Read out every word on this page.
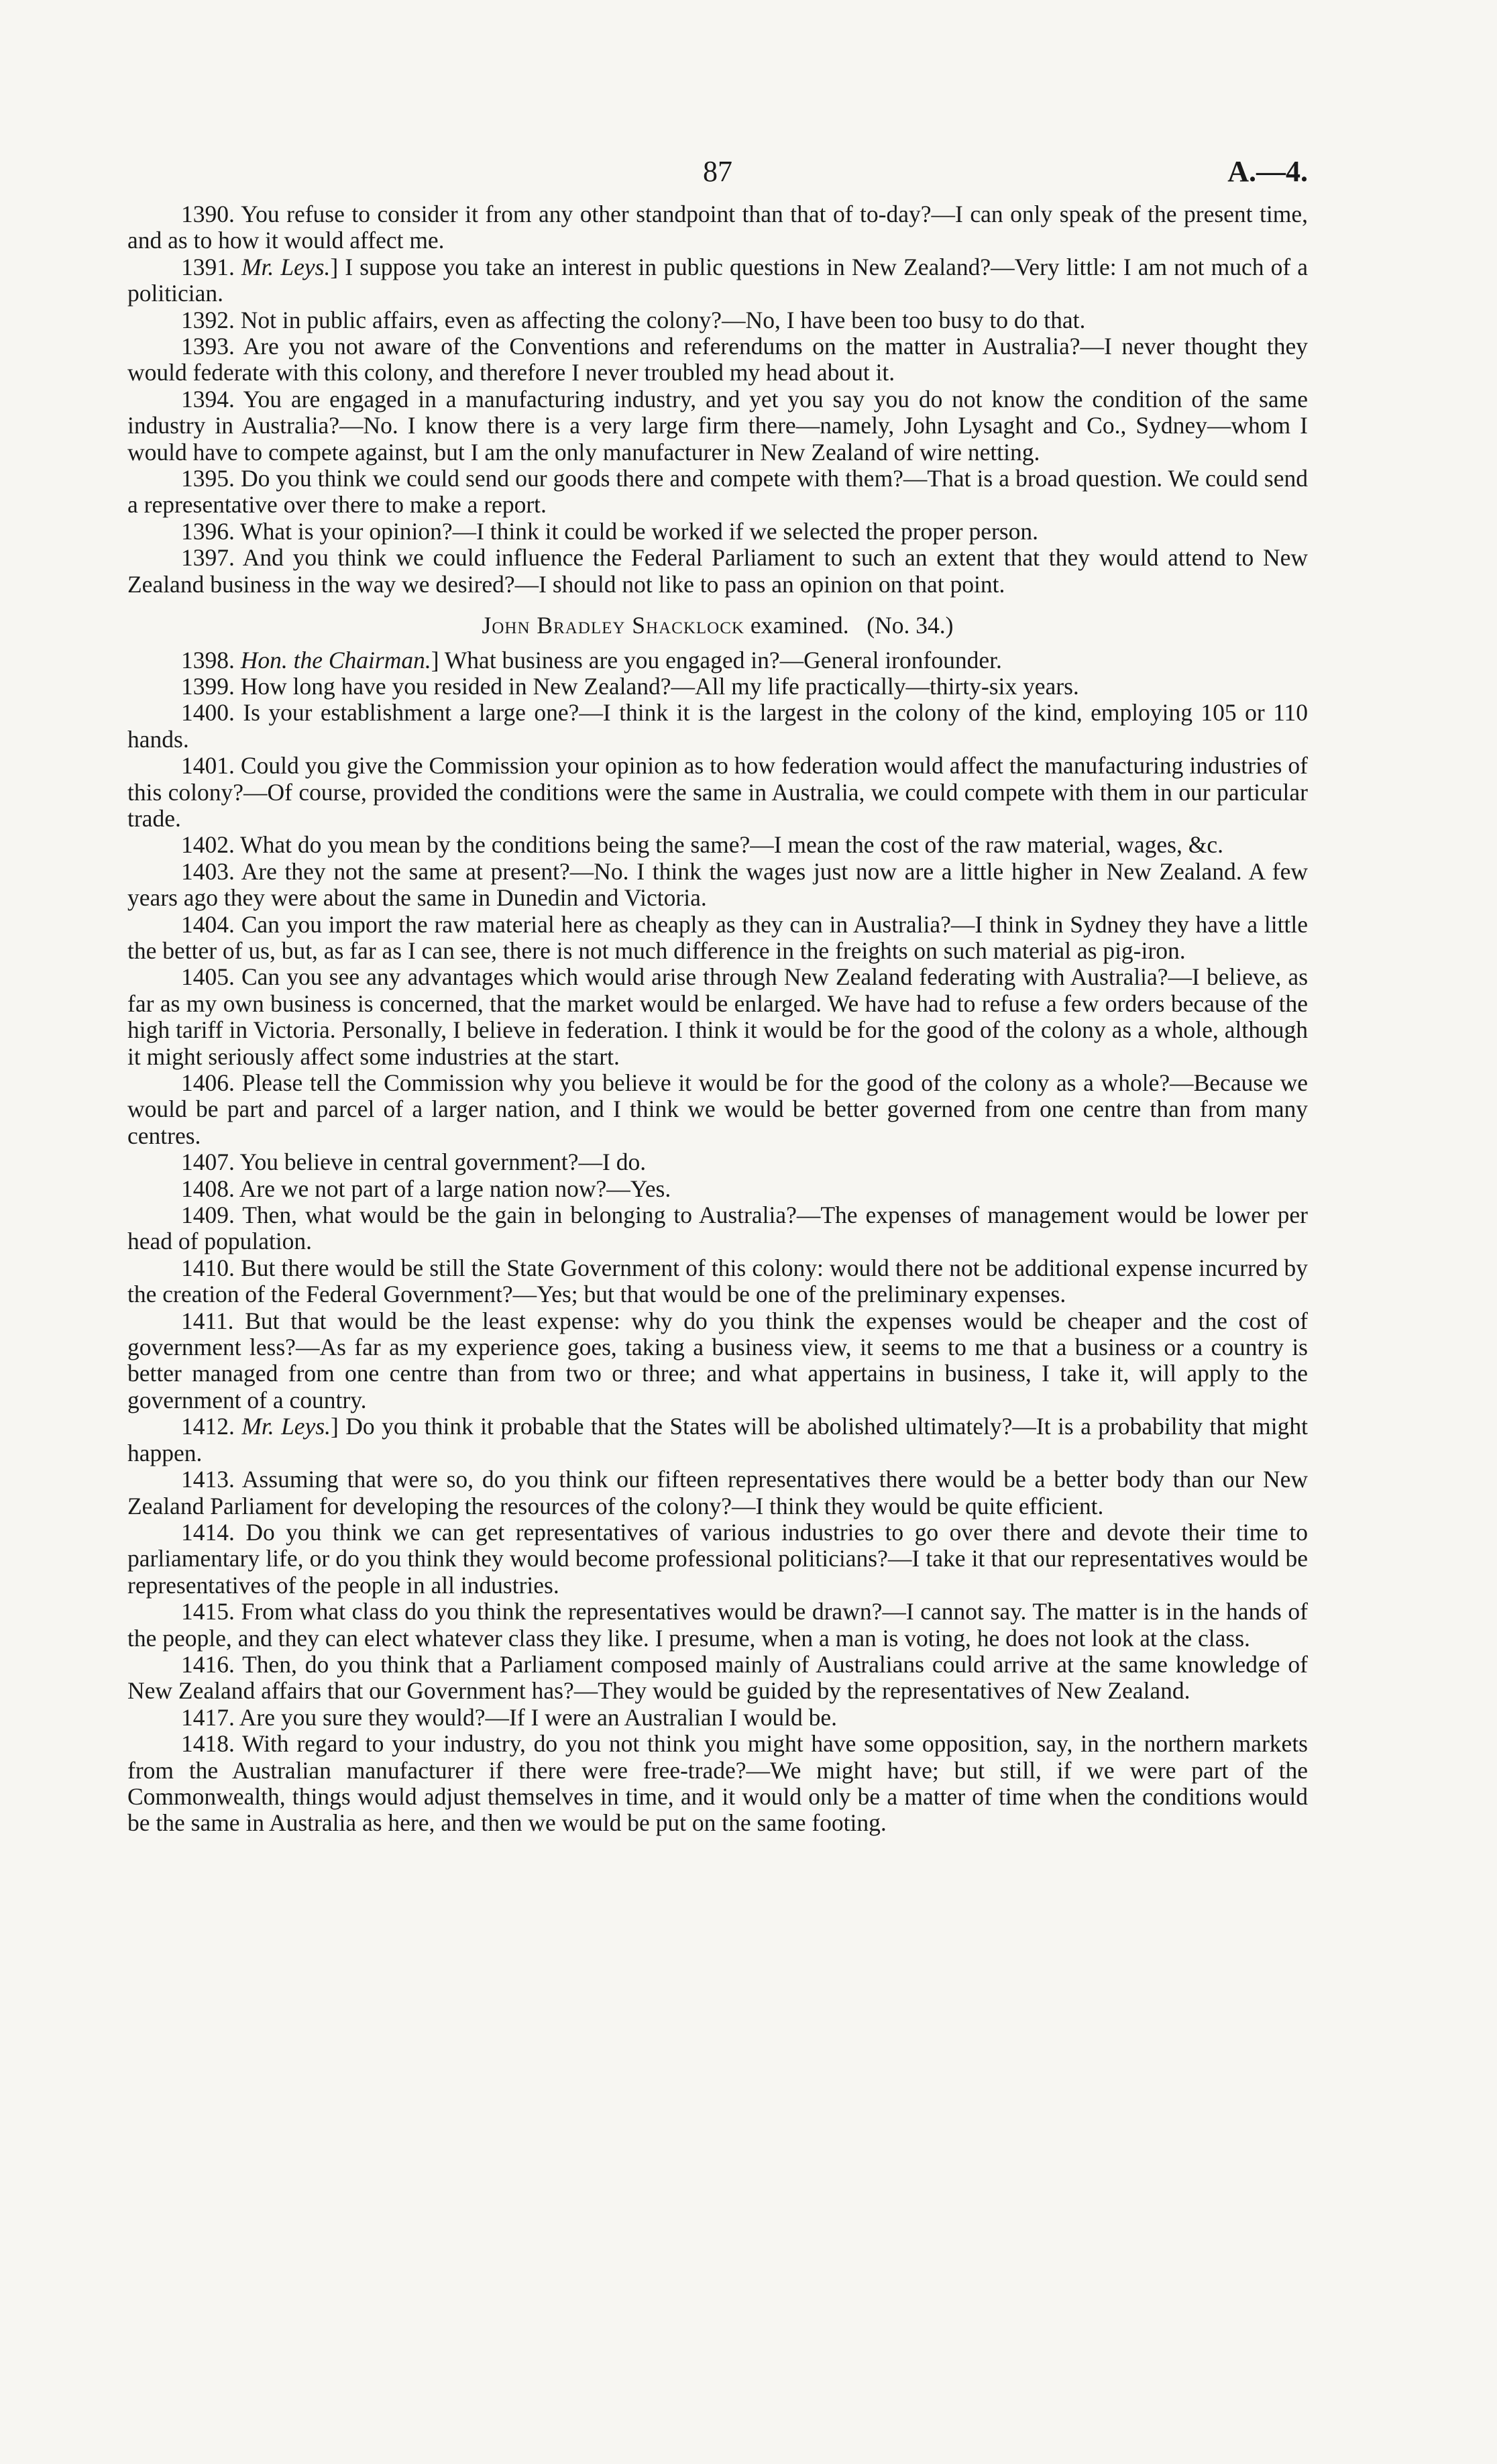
87	A.—4.

1390. You refuse to consider it from any other standpoint than that of to-day?—I can only speak of the present time, and as to how it would affect me.

1391. Mr. Leys.] I suppose you take an interest in public questions in New Zealand?—Very little: I am not much of a politician.

1392. Not in public affairs, even as affecting the colony?—No, I have been too busy to do that.

1393. Are you not aware of the Conventions and referendums on the matter in Australia?—I never thought they would federate with this colony, and therefore I never troubled my head about it.

1394. You are engaged in a manufacturing industry, and yet you say you do not know the condition of the same industry in Australia?—No. I know there is a very large firm there—namely, John Lysaght and Co., Sydney—whom I would have to compete against, but I am the only manufacturer in New Zealand of wire netting.

1395. Do you think we could send our goods there and compete with them?—That is a broad question. We could send a representative over there to make a report.

1396. What is your opinion?—I think it could be worked if we selected the proper person.

1397. And you think we could influence the Federal Parliament to such an extent that they would attend to New Zealand business in the way we desired?—I should not like to pass an opinion on that point.

John Bradley Shacklock examined.   (No. 34.)

1398. Hon. the Chairman.] What business are you engaged in?—General ironfounder.

1399. How long have you resided in New Zealand?—All my life practically—thirty-six years.

1400. Is your establishment a large one?—I think it is the largest in the colony of the kind, employing 105 or 110 hands.

1401. Could you give the Commission your opinion as to how federation would affect the manufacturing industries of this colony?—Of course, provided the conditions were the same in Australia, we could compete with them in our particular trade.

1402. What do you mean by the conditions being the same?—I mean the cost of the raw material, wages, &c.

1403. Are they not the same at present?—No. I think the wages just now are a little higher in New Zealand. A few years ago they were about the same in Dunedin and Victoria.

1404. Can you import the raw material here as cheaply as they can in Australia?—I think in Sydney they have a little the better of us, but, as far as I can see, there is not much difference in the freights on such material as pig-iron.

1405. Can you see any advantages which would arise through New Zealand federating with Australia?—I believe, as far as my own business is concerned, that the market would be enlarged. We have had to refuse a few orders because of the high tariff in Victoria. Personally, I believe in federation. I think it would be for the good of the colony as a whole, although it might seriously affect some industries at the start.

1406. Please tell the Commission why you believe it would be for the good of the colony as a whole?—Because we would be part and parcel of a larger nation, and I think we would be better governed from one centre than from many centres.

1407. You believe in central government?—I do.

1408. Are we not part of a large nation now?—Yes.

1409. Then, what would be the gain in belonging to Australia?—The expenses of management would be lower per head of population.

1410. But there would be still the State Government of this colony: would there not be additional expense incurred by the creation of the Federal Government?—Yes; but that would be one of the preliminary expenses.

1411. But that would be the least expense: why do you think the expenses would be cheaper and the cost of government less?—As far as my experience goes, taking a business view, it seems to me that a business or a country is better managed from one centre than from two or three; and what appertains in business, I take it, will apply to the government of a country.

1412. Mr. Leys.] Do you think it probable that the States will be abolished ultimately?—It is a probability that might happen.

1413. Assuming that were so, do you think our fifteen representatives there would be a better body than our New Zealand Parliament for developing the resources of the colony?—I think they would be quite efficient.

1414. Do you think we can get representatives of various industries to go over there and devote their time to parliamentary life, or do you think they would become professional politicians?—I take it that our representatives would be representatives of the people in all industries.

1415. From what class do you think the representatives would be drawn?—I cannot say. The matter is in the hands of the people, and they can elect whatever class they like. I presume, when a man is voting, he does not look at the class.

1416. Then, do you think that a Parliament composed mainly of Australians could arrive at the same knowledge of New Zealand affairs that our Government has?—They would be guided by the representatives of New Zealand.

1417. Are you sure they would?—If I were an Australian I would be.

1418. With regard to your industry, do you not think you might have some opposition, say, in the northern markets from the Australian manufacturer if there were free-trade?—We might have; but still, if we were part of the Commonwealth, things would adjust themselves in time, and it would only be a matter of time when the conditions would be the same in Australia as here, and then we would be put on the same footing.
